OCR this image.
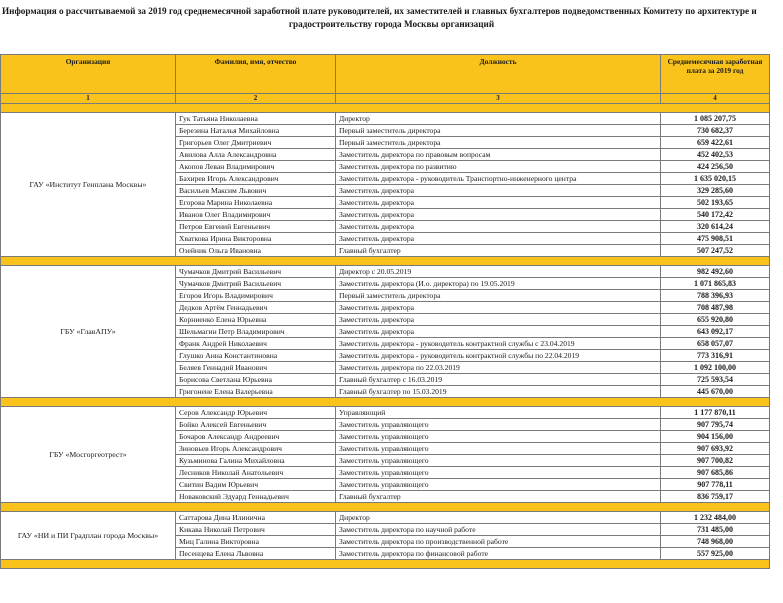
Информация о рассчитываемой за 2019 год среднемесячной заработной плате руководителей, их заместителей и главных бухгалтеров подведомственных Комитету по архитектуре и
градостроительству города Москвы организаций
Организация	Фамилия, имя, отчество	Должность	Среднемесячная заработная плата за 2019 год
1	2	3	4

ГАУ «Институт Генплана Москвы»	Гук Татьяна Николаевна	Директор	1 085 207,75
	Березина Наталья Михайловна	Первый заместитель директора	730 682,37
	Григорьев Олег Дмитриевич	Первый заместитель директора	659 422,61
	Авилова Алла Александровна	Заместитель директора по правовым вопросам	452 402,53
	Акопов Леван Владимирович	Заместитель директора по развитию	424 256,50
	Бахирев Игорь Александрович	Заместитель директора - руководитель Транспортно-инженерного центра	1 635 020,15
	Васильев Максим Львович	Заместитель директора	329 285,60
	Егорова Марина Николаевна	Заместитель директора	502 193,65
	Иванов Олег Владимирович	Заместитель директора	540 172,42
	Петров Евгений Евгеньевич	Заместитель директора	320 614,24
	Хваткова Ирина Викторовна	Заместитель директора	475 908,51
	Озейник Ольга Ивановна	Главный бухгалтер	507 247,52

ГБУ «ГлавАПУ»	Чумачков Дмитрий Васильевич	Директор с 20.05.2019	982 492,60
	Чумачков Дмитрий Васильевич	Заместитель директора (И.о. директора) по 19.05.2019	1 071 865,83
	Егоров Игорь Владимирович	Первый заместитель директора	788 396,93
	Дедков Артём Геннадьевич	Заместитель директора	708 487,98
	Корниенко Елена Юрьевна	Заместитель директора	655 920,80
	Шельмагин Петр Владимирович	Заместитель директора	643 092,17
	Франк Андрей Николаевич	Заместитель директора - руководитель контрактной службы с 23.04.2019	658 057,07
	Глушко Анна Константиновна	Заместитель директора - руководитель контрактной службы по 22.04.2019	773 316,91
	Беляев Геннадий Иванович	Заместитель директора по 22.03.2019	1 092 100,00
	Борисова Светлана Юрьевна	Главный бухгалтер с 16.03.2019	725 593,54
	Григонене Елена Валерьевна	Главный бухгалтер по 15.03.2019	445 670,00

ГБУ «Мосгоргеотрест»	Серов Александр Юрьевич	Управляющий	1 177 870,11
	Бойко Алексей Евгеньевич	Заместитель управляющего	907 795,74
	Бочаров Александр Андреевич	Заместитель управляющего	904 156,00
	Зиновьев Игорь Александрович	Заместитель управляющего	907 693,92
	Кузьминова Галина Михайловна	Заместитель управляющего	907 700,82
	Лесников Николай Анатольевич	Заместитель управляющего	907 685,86
	Свитин Вадим Юрьевич	Заместитель управляющего	907 778,11
	Новаковский Эдуард Геннадьевич	Главный бухгалтер	836 759,17

ГАУ «НИ и ПИ Градплан города Москвы»	Саттарова Дина Илинична	Директор	1 232 484,00
	Кикава Николай Петрович	Заместитель директора по научной работе	731 485,00
	Миц Галина Викторовна	Заместитель директора по производственной работе	748 968,00
	Песенцева Елена Львовна	Заместитель директора по финансовой работе	557 925,00
